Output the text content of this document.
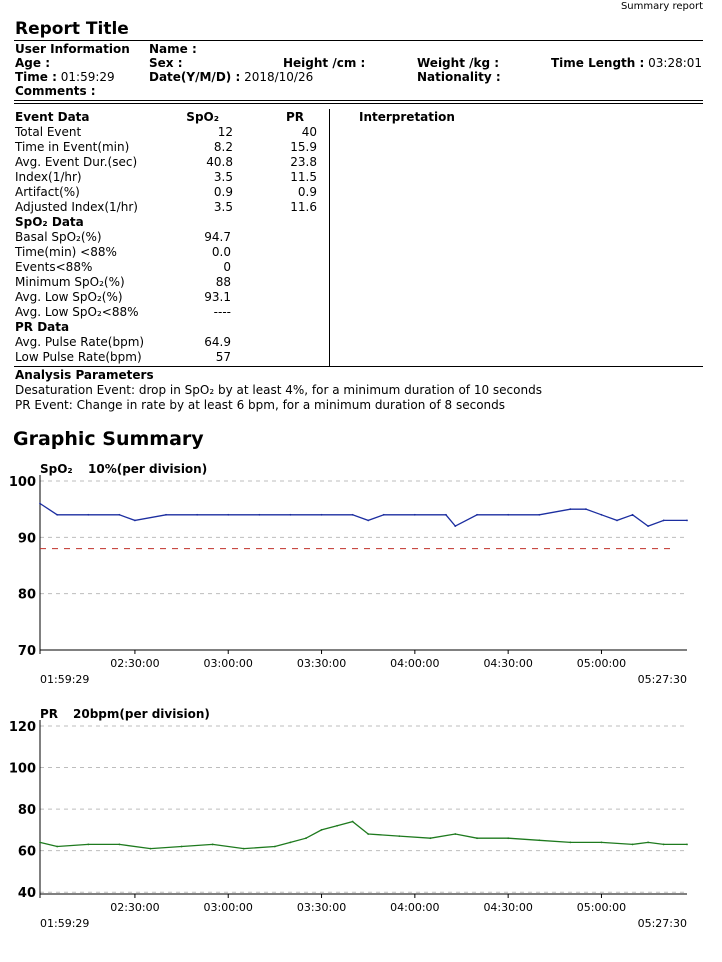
Summary report
Report Title
User Information
Age :
Time : 01:59:29
Comments :
Name :
Sex :
Date(Y/M/D) : 2018/10/26
Height /cm :	Weight /kg :
Nationality :
Time Length : 03:28:01
Event Data	SpO₂	PR
Total Event	12	40
Time in Event(min)	8.2	15.9
Avg. Event Dur.(sec)	40.8	23.8
Index(1/hr)	3.5	11.5
Artifact(%)	0.9	0.9
Adjusted Index(1/hr)	3.5	11.6
SpO₂ Data
Basal SpO₂(%)	94.7
Time(min) <88%	0.0
Events<88%	0
Minimum SpO₂(%)	88
Avg. Low SpO₂(%)	93.1
Avg. Low SpO₂<88%	----
PR Data
Avg. Pulse Rate(bpm)	64.9
Low Pulse Rate(bpm)	57
Interpretation
Analysis Parameters
Desaturation Event: drop in SpO₂ by at least 4%, for a minimum duration of 10 seconds
PR Event: Change in rate by at least 6 bpm, for a minimum duration of 8 seconds
Graphic Summary
SpO₂ 10%(per division)
70
80
90
100
02:30:00	03:00:00	03:30:00	04:00:00	04:30:00	05:00:00
01:59:29	05:27:30
PR 20bpm(per division)
40
60
80
100
120
02:30:00	03:00:00	03:30:00	04:00:00	04:30:00	05:00:00
01:59:29	05:27:30
